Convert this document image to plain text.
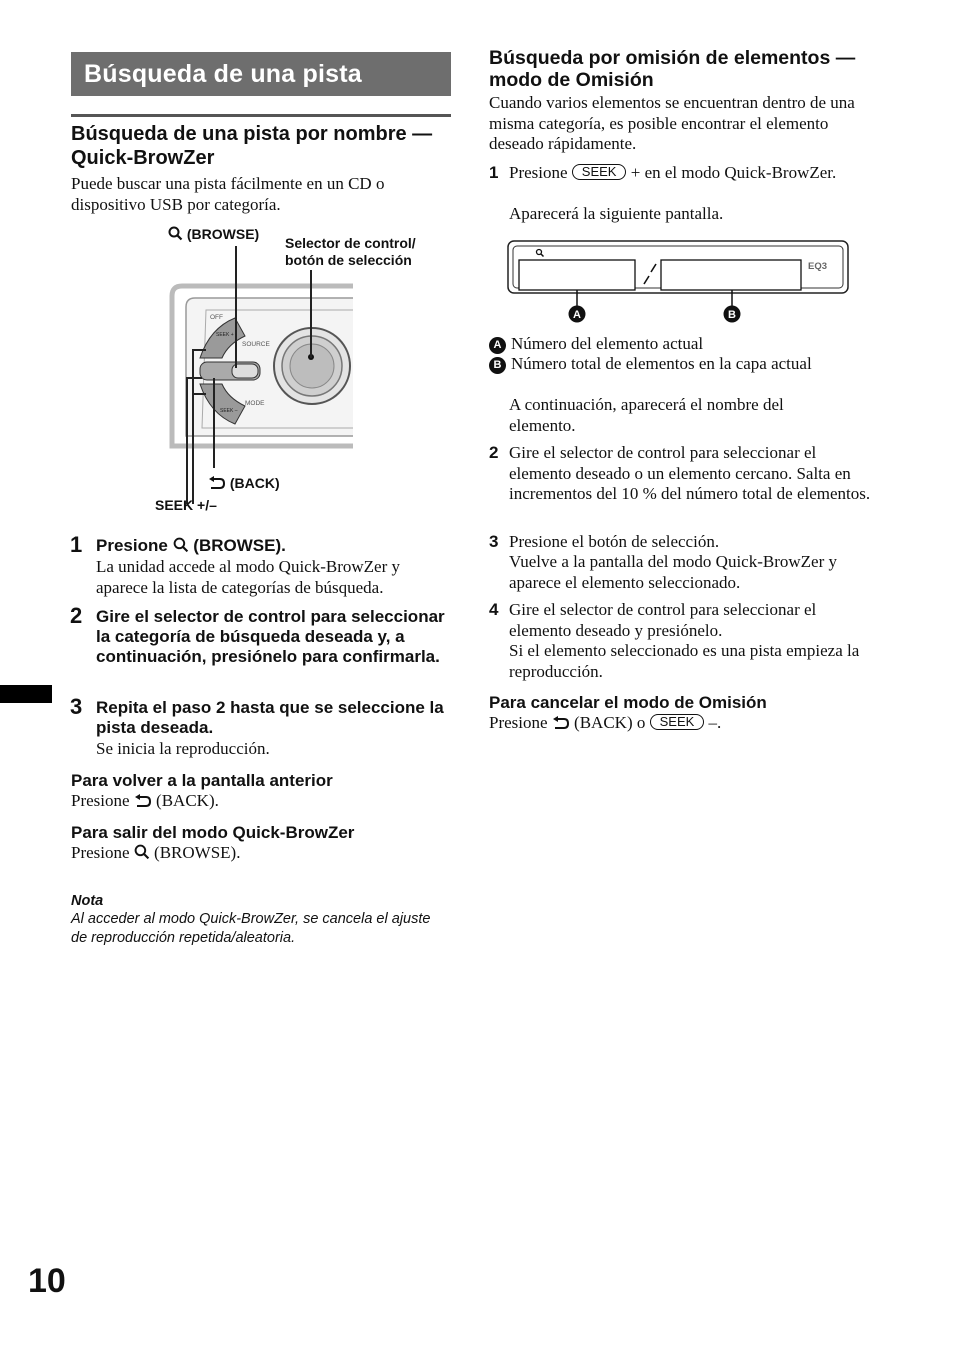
Búsqueda de una pista
Búsqueda de una pista por nombre — Quick-BrowZer
Puede buscar una pista fácilmente en un CD o dispositivo USB por categoría.
OFF
SOURCE
MODE
SEEK +
SEEK –
(BROWSE)
Selector de control/ botón de selección
(BACK)
SEEK +/–
1 Presione (BROWSE).
La unidad accede al modo Quick-BrowZer y aparece la lista de categorías de búsqueda.
2 Gire el selector de control para seleccionar la categoría de búsqueda deseada y, a continuación, presiónelo para confirmarla.
3 Repita el paso 2 hasta que se seleccione la pista deseada.
Se inicia la reproducción.
Para volver a la pantalla anterior
Presione (BACK).
Para salir del modo Quick-BrowZer
Presione (BROWSE).
Nota
Al acceder al modo Quick-BrowZer, se cancela el ajuste de reproducción repetida/aleatoria.
10
Búsqueda por omisión de elementos — modo de Omisión
Cuando varios elementos se encuentran dentro de una misma categoría, es posible encontrar el elemento deseado rápidamente.
1 Presione SEEK + en el modo Quick-BrowZer.
Aparecerá la siguiente pantalla.
EQ3
A	B
A Número del elemento actual
B Número total de elementos en la capa actual
A continuación, aparecerá el nombre del elemento.
2 Gire el selector de control para seleccionar el elemento deseado o un elemento cercano. Salta en incrementos del 10 % del número total de elementos.
3 Presione el botón de selección.
Vuelve a la pantalla del modo Quick-BrowZer y aparece el elemento seleccionado.
4 Gire el selector de control para seleccionar el elemento deseado y presiónelo.
Si el elemento seleccionado es una pista empieza la reproducción.
Para cancelar el modo de Omisión
Presione (BACK) o SEEK –.
